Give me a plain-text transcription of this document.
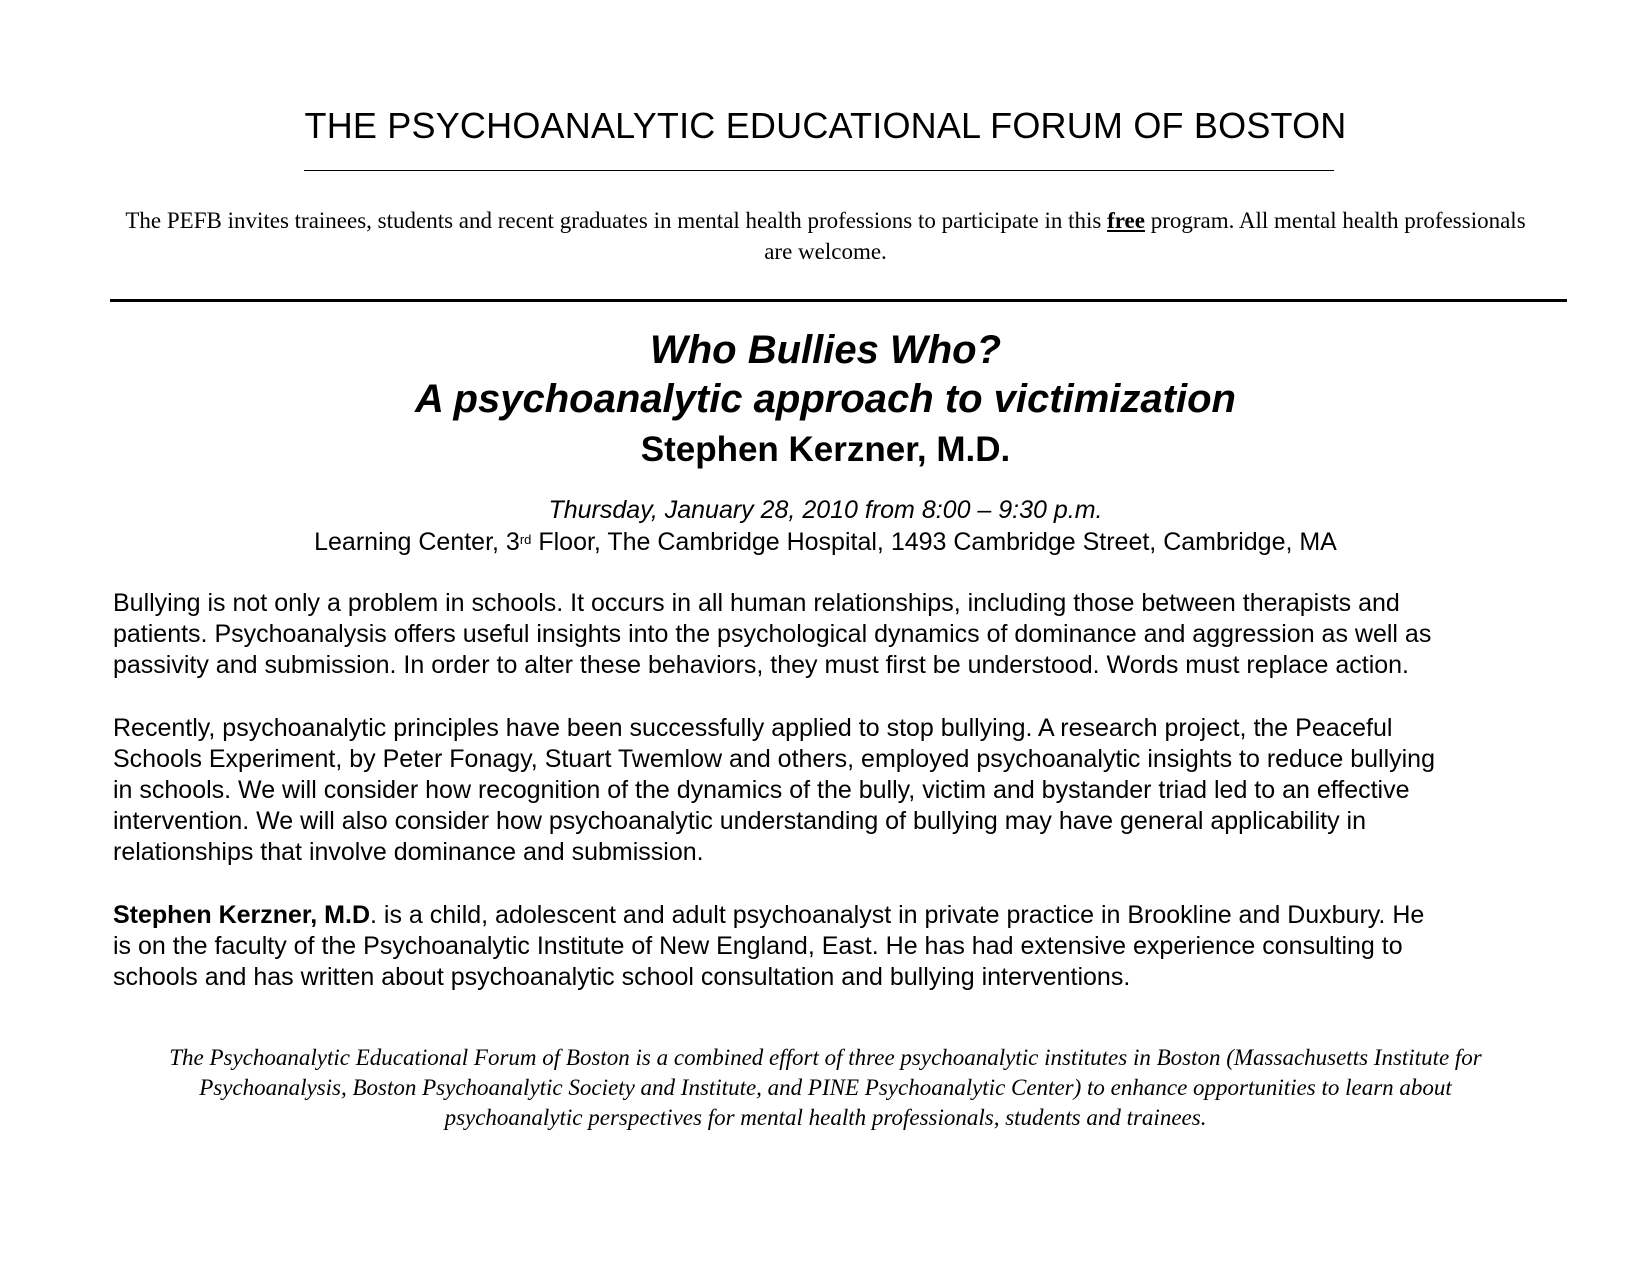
THE PSYCHOANALYTIC EDUCATIONAL FORUM OF BOSTON
The PEFB invites trainees, students and recent graduates in mental health professions to participate in this free program. All mental health professionals are welcome.
Who Bullies Who?
A psychoanalytic approach to victimization
Stephen Kerzner, M.D.
Thursday, January 28, 2010 from 8:00 – 9:30 p.m.
Learning Center, 3rd Floor, The Cambridge Hospital, 1493 Cambridge Street, Cambridge, MA
Bullying is not only a problem in schools. It occurs in all human relationships, including those between therapists and
patients. Psychoanalysis offers useful insights into the psychological dynamics of dominance and aggression as well as
passivity and submission. In order to alter these behaviors, they must first be understood. Words must replace action.
Recently, psychoanalytic principles have been successfully applied to stop bullying. A research project, the Peaceful
Schools Experiment, by Peter Fonagy, Stuart Twemlow and others, employed psychoanalytic insights to reduce bullying
in schools. We will consider how recognition of the dynamics of the bully, victim and bystander triad led to an effective
intervention. We will also consider how psychoanalytic understanding of bullying may have general applicability in
relationships that involve dominance and submission.
Stephen Kerzner, M.D. is a child, adolescent and adult psychoanalyst in private practice in Brookline and Duxbury. He
is on the faculty of the Psychoanalytic Institute of New England, East. He has had extensive experience consulting to
schools and has written about psychoanalytic school consultation and bullying interventions.
The Psychoanalytic Educational Forum of Boston is a combined effort of three psychoanalytic institutes in Boston (Massachusetts Institute for
Psychoanalysis, Boston Psychoanalytic Society and Institute, and PINE Psychoanalytic Center) to enhance opportunities to learn about
psychoanalytic perspectives for mental health professionals, students and trainees.
